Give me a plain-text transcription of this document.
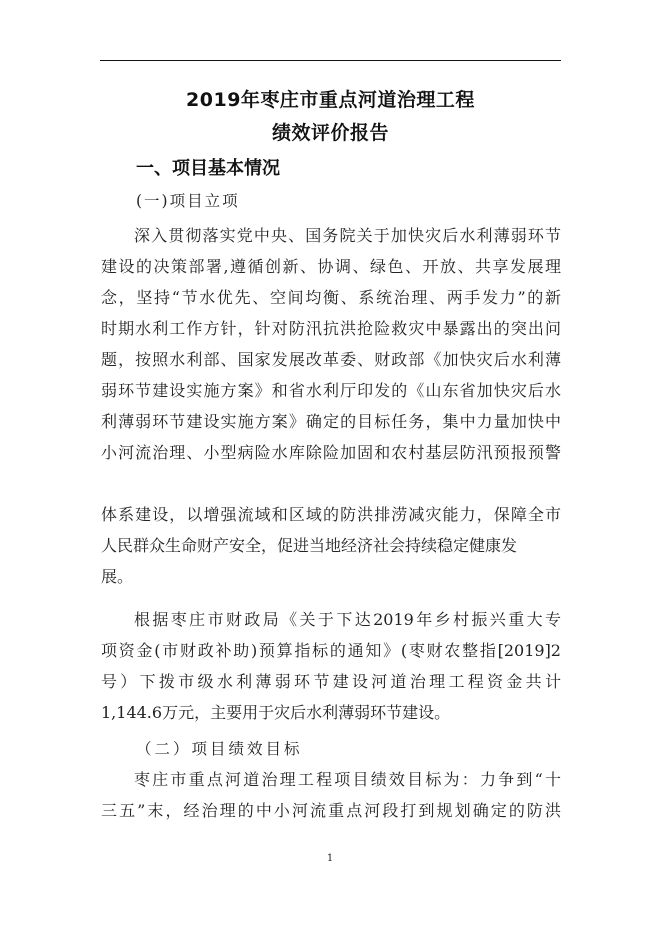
2019年枣庄市重点河道治理工程
绩效评价报告
一、项目基本情况
(一)项目立项
深入贯彻落实党中央、国务院关于加快灾后水利薄弱环节
建设的决策部署,遵循创新、协调、绿色、开放、共享发展理
念，坚持“节水优先、空间均衡、系统治理、两手发力”的新
时期水利工作方针，针对防汛抗洪抢险救灾中暴露出的突出问
题，按照水利部、国家发展改革委、财政部《加快灾后水利薄
弱环节建设实施方案》和省水利厅印发的《山东省加快灾后水
利薄弱环节建设实施方案》确定的目标任务，集中力量加快中
小河流治理、小型病险水库除险加固和农村基层防汛预报预警
体系建设，以增强流域和区域的防洪排涝减灾能力，保障全市
人民群众生命财产安全，促进当地经济社会持续稳定健康发
展。
根据枣庄市财政局《关于下达2019年乡村振兴重大专
项资金(市财政补助)预算指标的通知》(枣财农整指[2019]2
号）下拨市级水利薄弱环节建设河道治理工程资金共计
1,144.6万元，主要用于灾后水利薄弱环节建设。
（二）项目绩效目标
枣庄市重点河道治理工程项目绩效目标为：力争到“十
三五”末，经治理的中小河流重点河段打到规划确定的防洪
1
